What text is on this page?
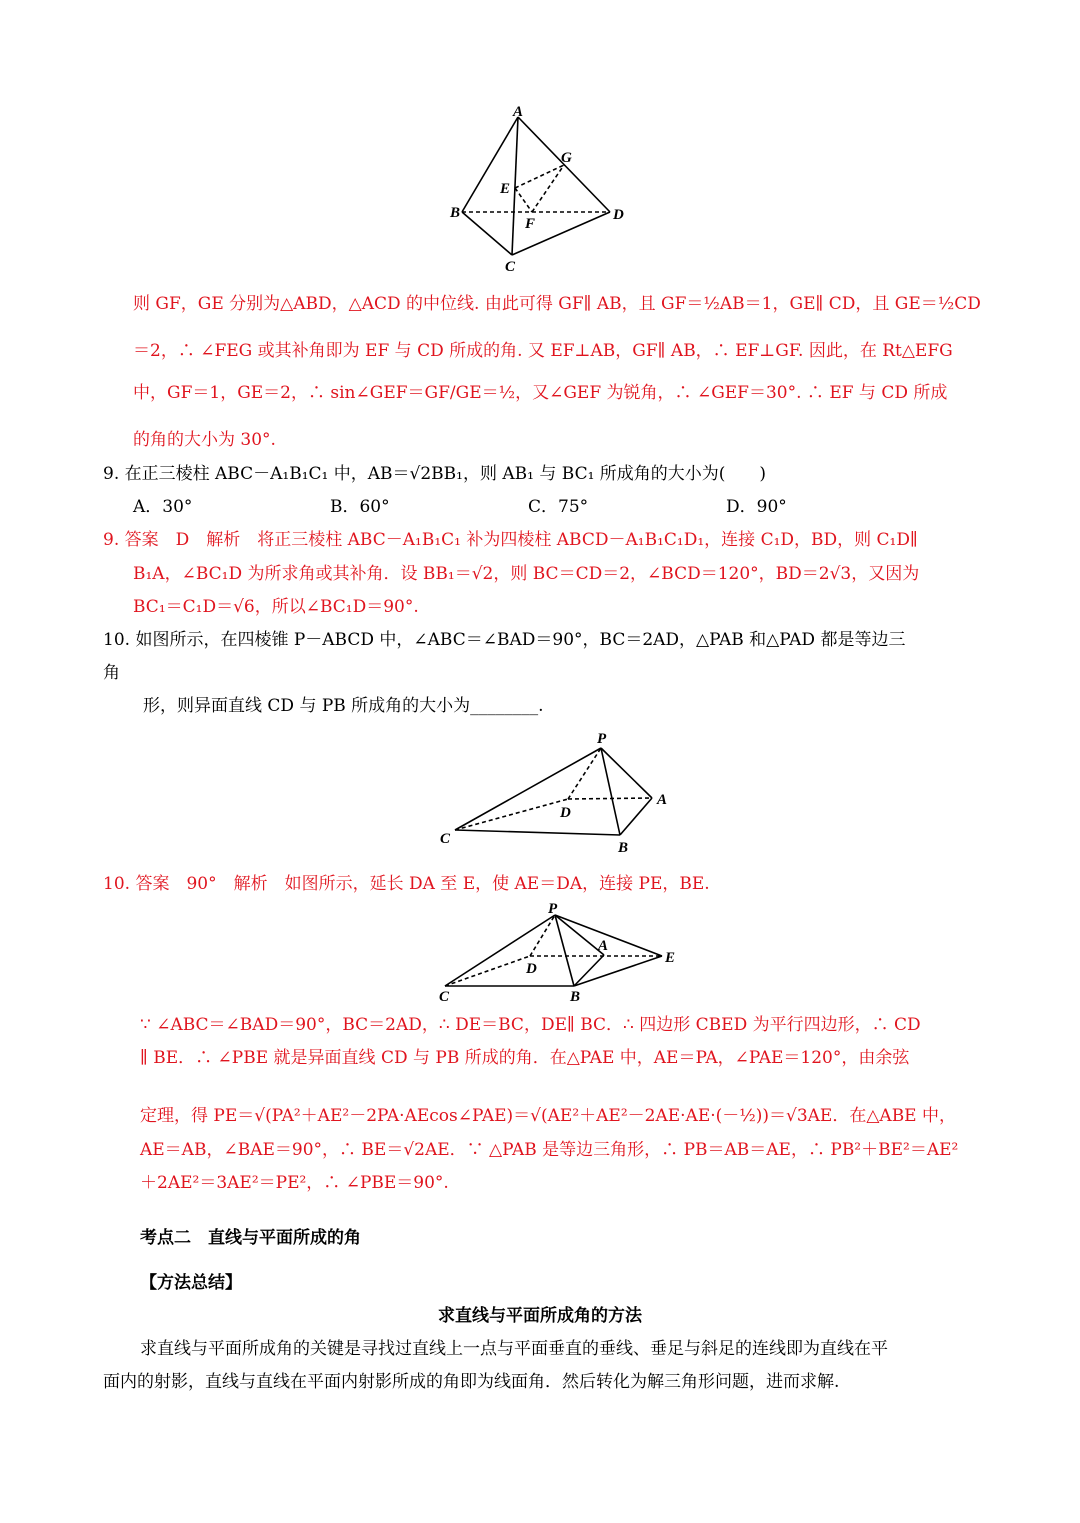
A
B
C
D
E
F
G
则 GF，GE 分别为△ABD，△ACD 的中位线. 由此可得 GF∥ AB，且 GF＝½AB＝1，GE∥ CD，且 GE＝½CD
＝2，∴ ∠FEG 或其补角即为 EF 与 CD 所成的角. 又 EF⊥AB，GF∥ AB，∴ EF⊥GF. 因此，在 Rt△EFG
中，GF＝1，GE＝2，∴ sin∠GEF＝GF/GE＝½，又∠GEF 为锐角，∴ ∠GEF＝30°. ∴ EF 与 CD 所成
的角的大小为 30°.
9. 在正三棱柱 ABC－A₁B₁C₁ 中，AB＝√2BB₁，则 AB₁ 与 BC₁ 所成角的大小为(　　)
A．30°	B．60°	C．75°	D．90°
9. 答案　D　解析　将正三棱柱 ABC－A₁B₁C₁ 补为四棱柱 ABCD－A₁B₁C₁D₁，连接 C₁D，BD，则 C₁D∥
B₁A，∠BC₁D 为所求角或其补角．设 BB₁＝√2，则 BC＝CD＝2，∠BCD＝120°，BD＝2√3，又因为
BC₁＝C₁D＝√6，所以∠BC₁D＝90°.
10. 如图所示，在四棱锥 P－ABCD 中，∠ABC＝∠BAD＝90°，BC＝2AD，△PAB 和△PAD 都是等边三
角
形，则异面直线 CD 与 PB 所成角的大小为________.
P
A
B
C
D
10. 答案　90°　解析　如图所示，延长 DA 至 E，使 AE＝DA，连接 PE，BE.
P
A
B
C
D
E
∵ ∠ABC＝∠BAD＝90°，BC＝2AD，∴ DE＝BC，DE∥ BC．∴ 四边形 CBED 为平行四边形，∴ CD
∥ BE．∴ ∠PBE 就是异面直线 CD 与 PB 所成的角．在△PAE 中，AE＝PA，∠PAE＝120°，由余弦
定理，得 PE＝√(PA²＋AE²－2PA·AEcos∠PAE)＝√(AE²＋AE²－2AE·AE·(－½))＝√3AE．在△ABE 中，
AE＝AB，∠BAE＝90°，∴ BE＝√2AE．∵ △PAB 是等边三角形，∴ PB＝AB＝AE，∴ PB²＋BE²＝AE²
＋2AE²＝3AE²＝PE²，∴ ∠PBE＝90°.
考点二　直线与平面所成的角
【方法总结】
求直线与平面所成角的方法
求直线与平面所成角的关键是寻找过直线上一点与平面垂直的垂线、垂足与斜足的连线即为直线在平
面内的射影，直线与直线在平面内射影所成的角即为线面角．然后转化为解三角形问题，进而求解.
